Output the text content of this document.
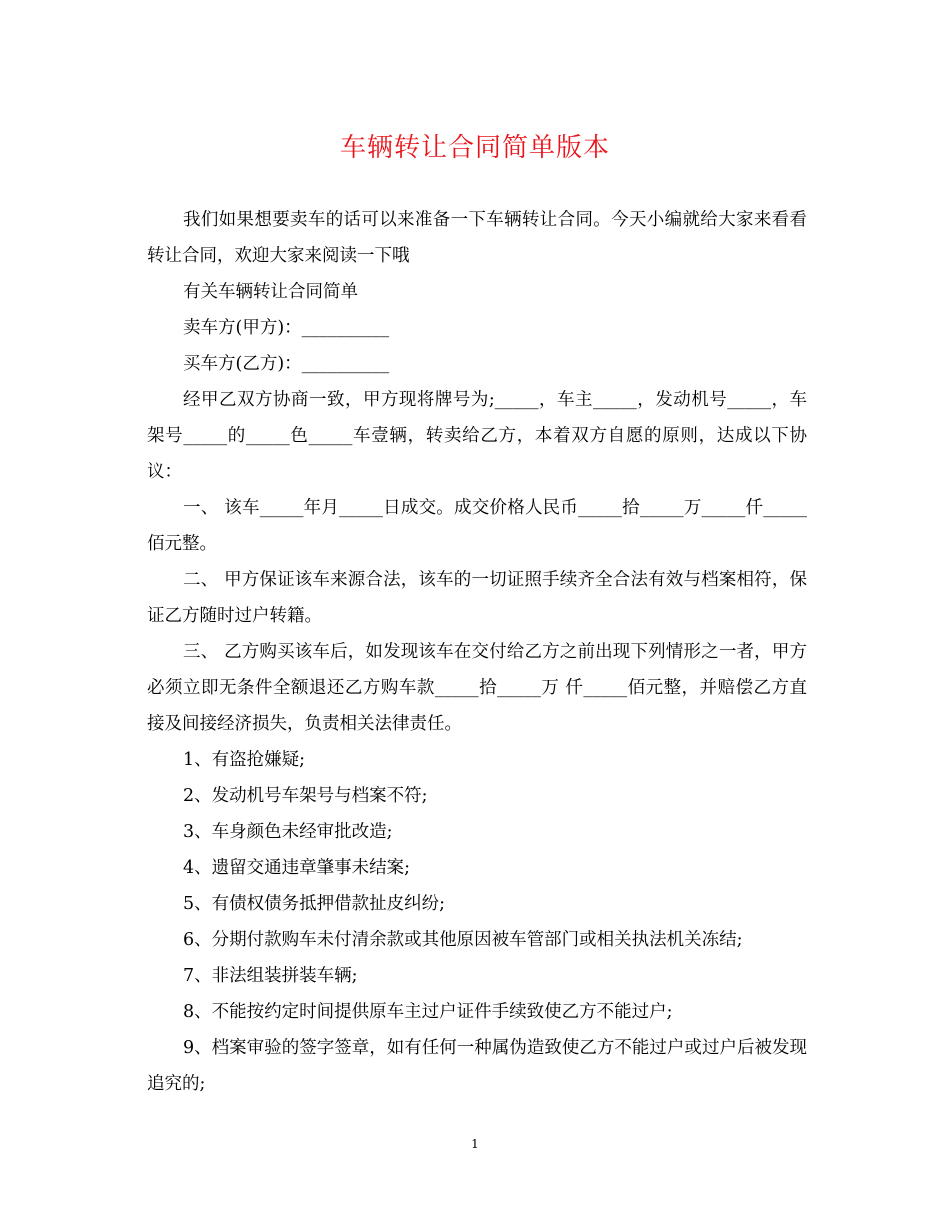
车辆转让合同简单版本

我们如果想要卖车的话可以来准备一下车辆转让合同。今天小编就给大家来看看转让合同，欢迎大家来阅读一下哦

有关车辆转让合同简单

卖车方(甲方)：__________

买车方(乙方)：__________

经甲乙双方协商一致，甲方现将牌号为;_____，车主_____，发动机号_____，车架号_____的_____色_____车壹辆，转卖给乙方，本着双方自愿的原则，达成以下协议：

一、 该车_____年月_____日成交。成交价格人民币_____拾_____万_____仟_____佰元整。

二、 甲方保证该车来源合法，该车的一切证照手续齐全合法有效与档案相符，保证乙方随时过户转籍。

三、 乙方购买该车后，如发现该车在交付给乙方之前出现下列情形之一者，甲方必须立即无条件全额退还乙方购车款_____拾_____万 仟_____佰元整，并赔偿乙方直接及间接经济损失，负责相关法律责任。

1、有盗抢嫌疑;

2、发动机号车架号与档案不符;

3、车身颜色未经审批改造;

4、遗留交通违章肇事未结案;

5、有债权债务抵押借款扯皮纠纷;

6、分期付款购车未付清余款或其他原因被车管部门或相关执法机关冻结;

7、非法组装拼装车辆;

8、不能按约定时间提供原车主过户证件手续致使乙方不能过户;

9、档案审验的签字签章，如有任何一种属伪造致使乙方不能过户或过户后被发现追究的;

1
